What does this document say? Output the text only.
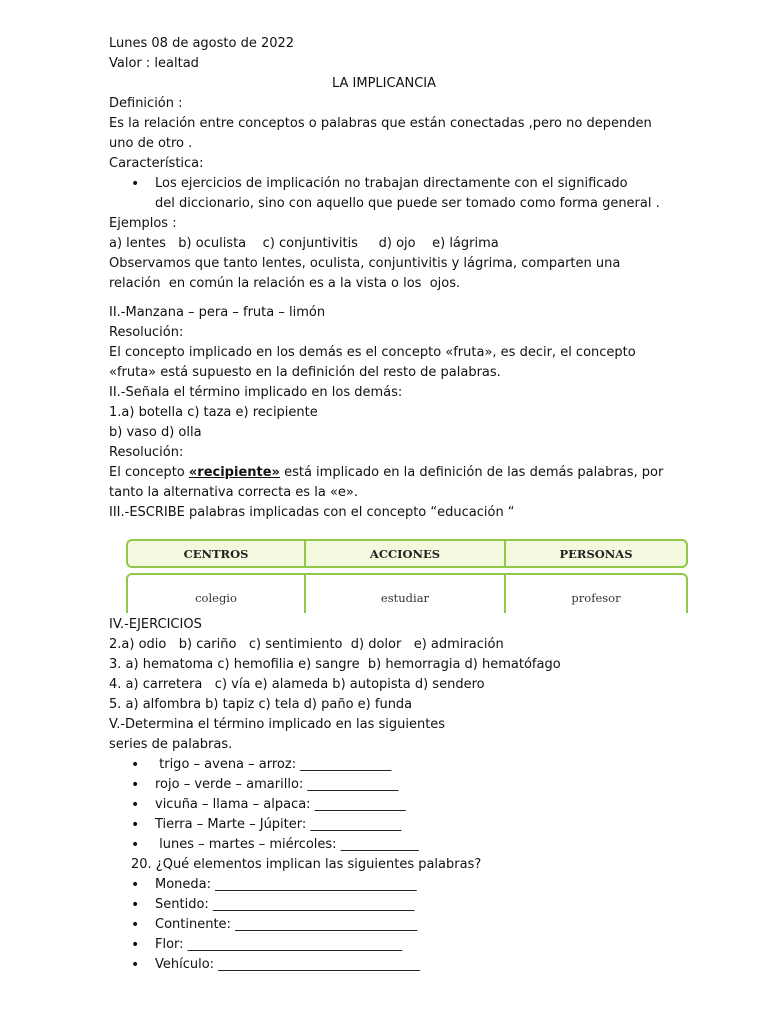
Lunes 08 de agosto de 2022
Valor : lealtad
LA IMPLICANCIA
Definición :
Es la relación entre conceptos o palabras que están conectadas ,pero no dependen
uno de otro .
Característica:
• Los ejercicios de implicación no trabajan directamente con el significado
del diccionario, sino con aquello que puede ser tomado como forma general .
Ejemplos :
a) lentes   b) oculista    c) conjuntivitis     d) ojo    e) lágrima
Observamos que tanto lentes, oculista, conjuntivitis y lágrima, comparten una
relación  en común la relación es a la vista o los  ojos.
II.-Manzana – pera – fruta – limón
Resolución:
El concepto implicado en los demás es el concepto «fruta», es decir, el concepto
«fruta» está supuesto en la definición del resto de palabras.
II.-Señala el término implicado en los demás:
1.a) botella c) taza e) recipiente
b) vaso d) olla
Resolución:
El concepto «recipiente» está implicado en la definición de las demás palabras, por
tanto la alternativa correcta es la «e».
III.-ESCRIBE palabras implicadas con el concepto “educación “
CENTROS	ACCIONES	PERSONAS
colegio	estudiar	profesor
IV.-EJERCICIOS
2.a) odio   b) cariño   c) sentimiento  d) dolor   e) admiración
3. a) hematoma c) hemofilia e) sangre  b) hemorragia d) hematófago
4. a) carretera   c) vía e) alameda b) autopista d) sendero
5. a) alfombra b) tapiz c) tela d) paño e) funda
V.-Determina el término implicado en las siguientes
series de palabras.
•  trigo – avena – arroz: ______________
• rojo – verde – amarillo: ______________
• vicuña – llama – alpaca: ______________
• Tierra – Marte – Júpiter: ______________
•  lunes – martes – miércoles: ____________
20. ¿Qué elementos implican las siguientes palabras?
• Moneda: _______________________________
• Sentido: _______________________________
• Continente: ____________________________
• Flor: _________________________________
• Vehículo: _______________________________
